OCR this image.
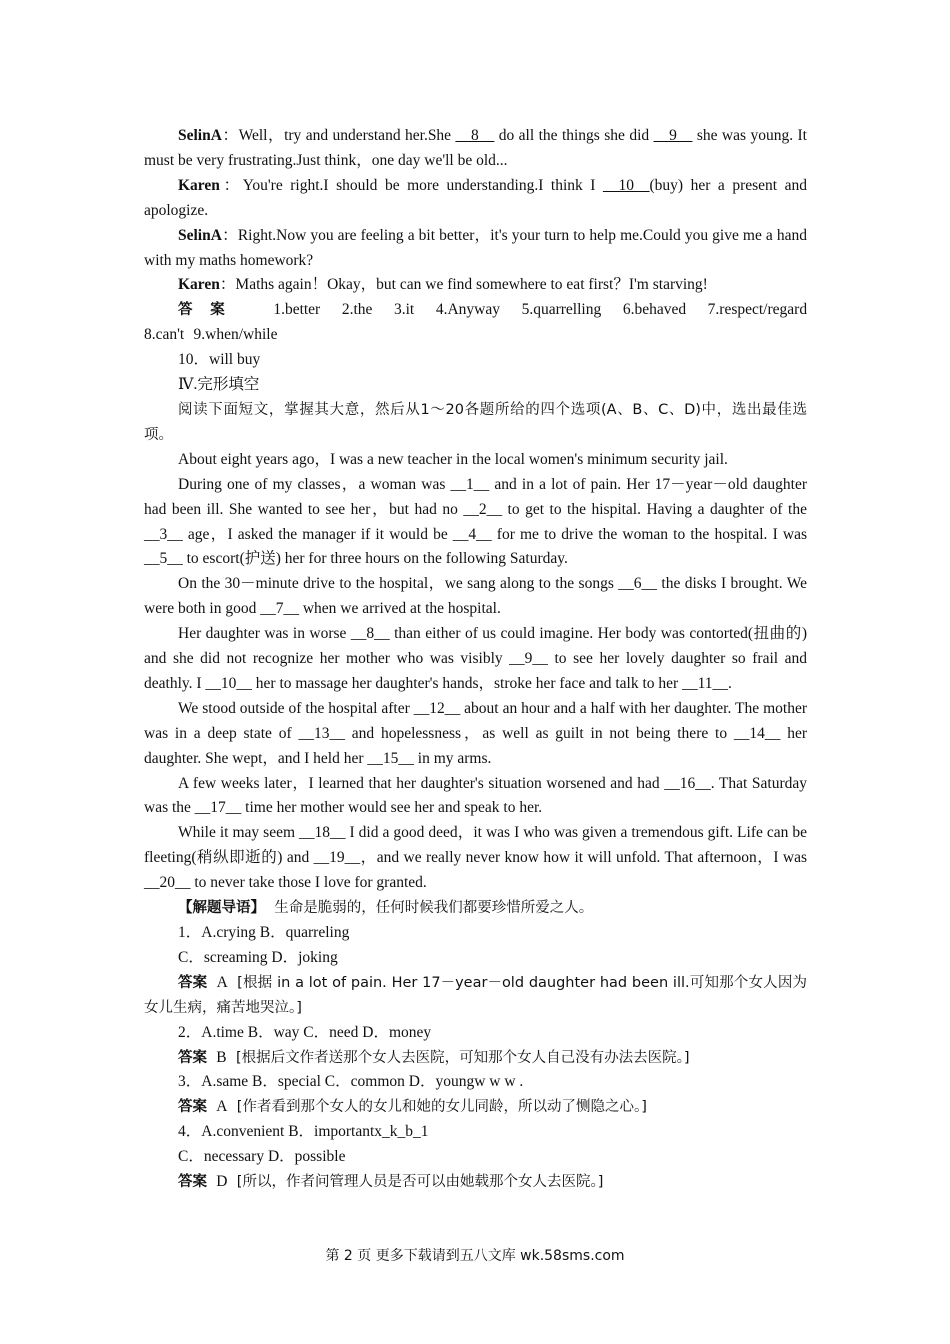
SelinA：Well，try and understand her.She __8__ do all the things she did __9__ she was young. It must be very frustrating.Just think，one day we'll be old...

Karen：You're right.I should be more understanding.I think I __10__(buy) her a present and apologize.

SelinA：Right.Now you are feeling a bit better，it's your turn to help me.Could you give me a hand with my maths homework?

Karen：Maths again！Okay，but can we find somewhere to eat first？I'm starving!

答案 1.better 2.the 3.it 4.Anyway 5.quarrelling 6.behaved 7.respect/regard

8.can't 9.when/while

10．will buy

Ⅳ.完形填空

阅读下面短文，掌握其大意，然后从1～20各题所给的四个选项(A、B、C、D)中，选出最佳选项。

About eight years ago，I was a new teacher in the local women's minimum security jail.

During one of my classes，a woman was __1__ and in a lot of pain. Her 17－year－old daughter had been ill. She wanted to see her，but had no __2__ to get to the hispital. Having a daughter of the __3__ age，I asked the manager if it would be __4__ for me to drive the woman to the hospital. I was __5__ to escort(护送) her for three hours on the following Saturday.

On the 30－minute drive to the hospital，we sang along to the songs __6__ the disks I brought. We were both in good __7__ when we arrived at the hospital.

Her daughter was in worse __8__ than either of us could imagine. Her body was contorted(扭曲的) and she did not recognize her mother who was visibly __9__ to see her lovely daughter so frail and deathly. I __10__ her to massage her daughter's hands，stroke her face and talk to her __11__.

We stood outside of the hospital after __12__ about an hour and a half with her daughter. The mother was in a deep state of __13__ and hopelessness，as well as guilt in not being there to __14__ her daughter. She wept，and I held her __15__ in my arms.

A few weeks later，I learned that her daughter's situation worsened and had __16__. That Saturday was the __17__ time her mother would see her and speak to her.

While it may seem __18__ I did a good deed，it was I who was given a tremendous gift. Life can be fleeting(稍纵即逝的) and __19__，and we really never know how it will unfold. That afternoon，I was __20__ to never take those I love for granted.

【解题导语】 生命是脆弱的，任何时候我们都要珍惜所爱之人。

1．A.crying B．quarreling

C．screaming D．joking

答案 A [根据 in a lot of pain. Her 17－year－old daughter had been ill.可知那个女人因为女儿生病，痛苦地哭泣。]

2．A.time B．way C．need D．money

答案 B [根据后文作者送那个女人去医院，可知那个女人自己没有办法去医院。]

3．A.same B．special C．common D．youngw w w .

答案 A [作者看到那个女人的女儿和她的女儿同龄，所以动了恻隐之心。]

4．A.convenient B．importantx_k_b_1

C．necessary D．possible

答案 D [所以，作者问管理人员是否可以由她载那个女人去医院。]

第 2 页 更多下载请到五八文库 wk.58sms.com
